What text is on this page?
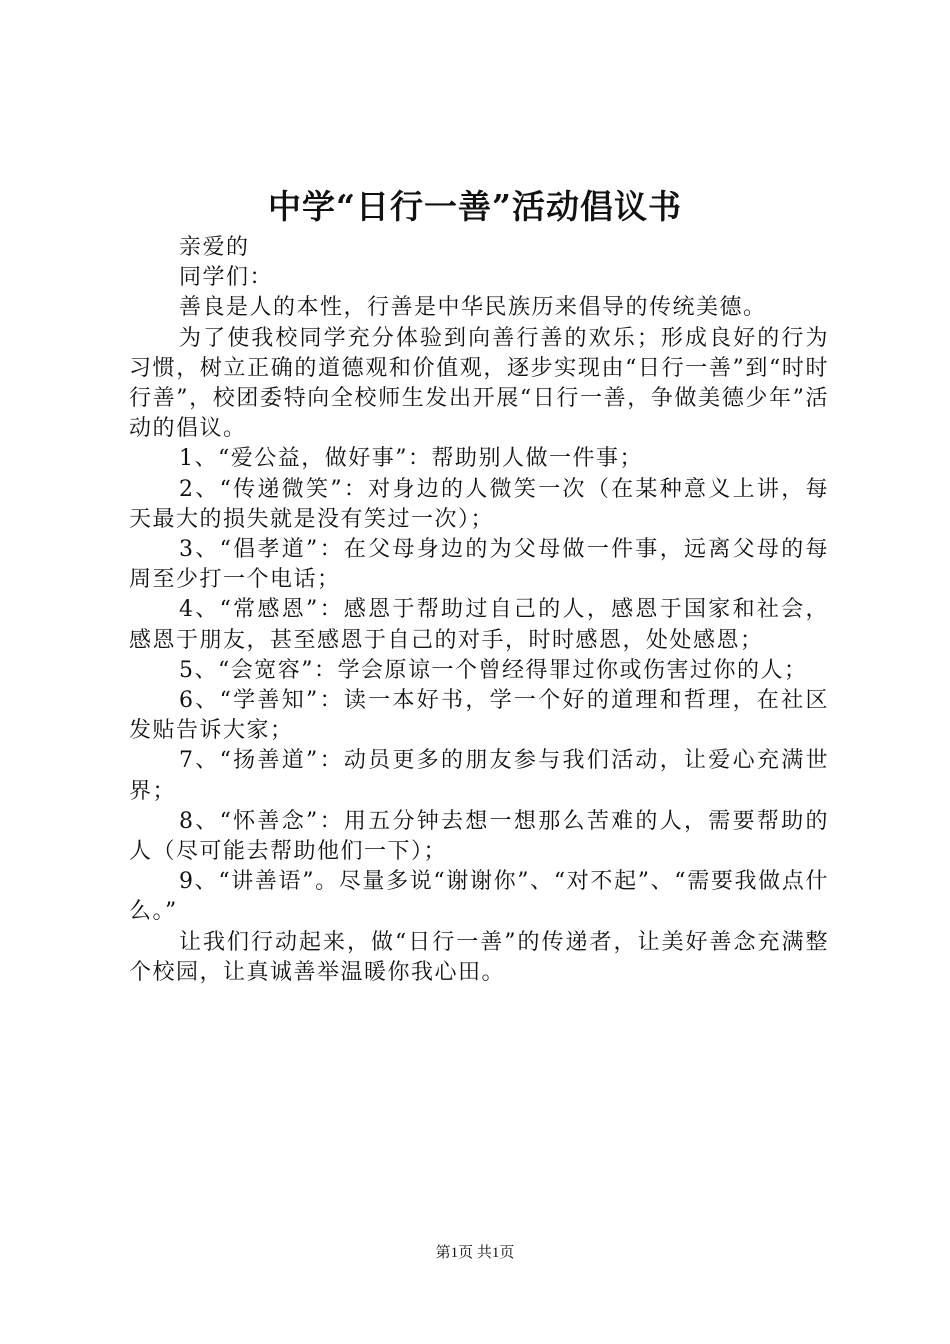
中学“日行一善”活动倡议书

亲爱的

同学们：

善良是人的本性，行善是中华民族历来倡导的传统美德。

为了使我校同学充分体验到向善行善的欢乐；形成良好的行为习惯，树立正确的道德观和价值观，逐步实现由“日行一善”到“时时行善”，校团委特向全校师生发出开展“日行一善，争做美德少年”活动的倡议。

1、“爱公益，做好事”：帮助别人做一件事；

2、“传递微笑”：对身边的人微笑一次（在某种意义上讲，每天最大的损失就是没有笑过一次）；

3、“倡孝道”：在父母身边的为父母做一件事，远离父母的每周至少打一个电话；

4、“常感恩”：感恩于帮助过自己的人，感恩于国家和社会，感恩于朋友，甚至感恩于自己的对手，时时感恩，处处感恩；

5、“会宽容”：学会原谅一个曾经得罪过你或伤害过你的人；

6、“学善知”：读一本好书，学一个好的道理和哲理，在社区发贴告诉大家；

7、“扬善道”：动员更多的朋友参与我们活动，让爱心充满世界；

8、“怀善念”：用五分钟去想一想那么苦难的人，需要帮助的人（尽可能去帮助他们一下）；

9、“讲善语”。尽量多说“谢谢你”、“对不起”、“需要我做点什么。”

让我们行动起来，做“日行一善”的传递者，让美好善念充满整个校园，让真诚善举温暖你我心田。

第1页 共1页
